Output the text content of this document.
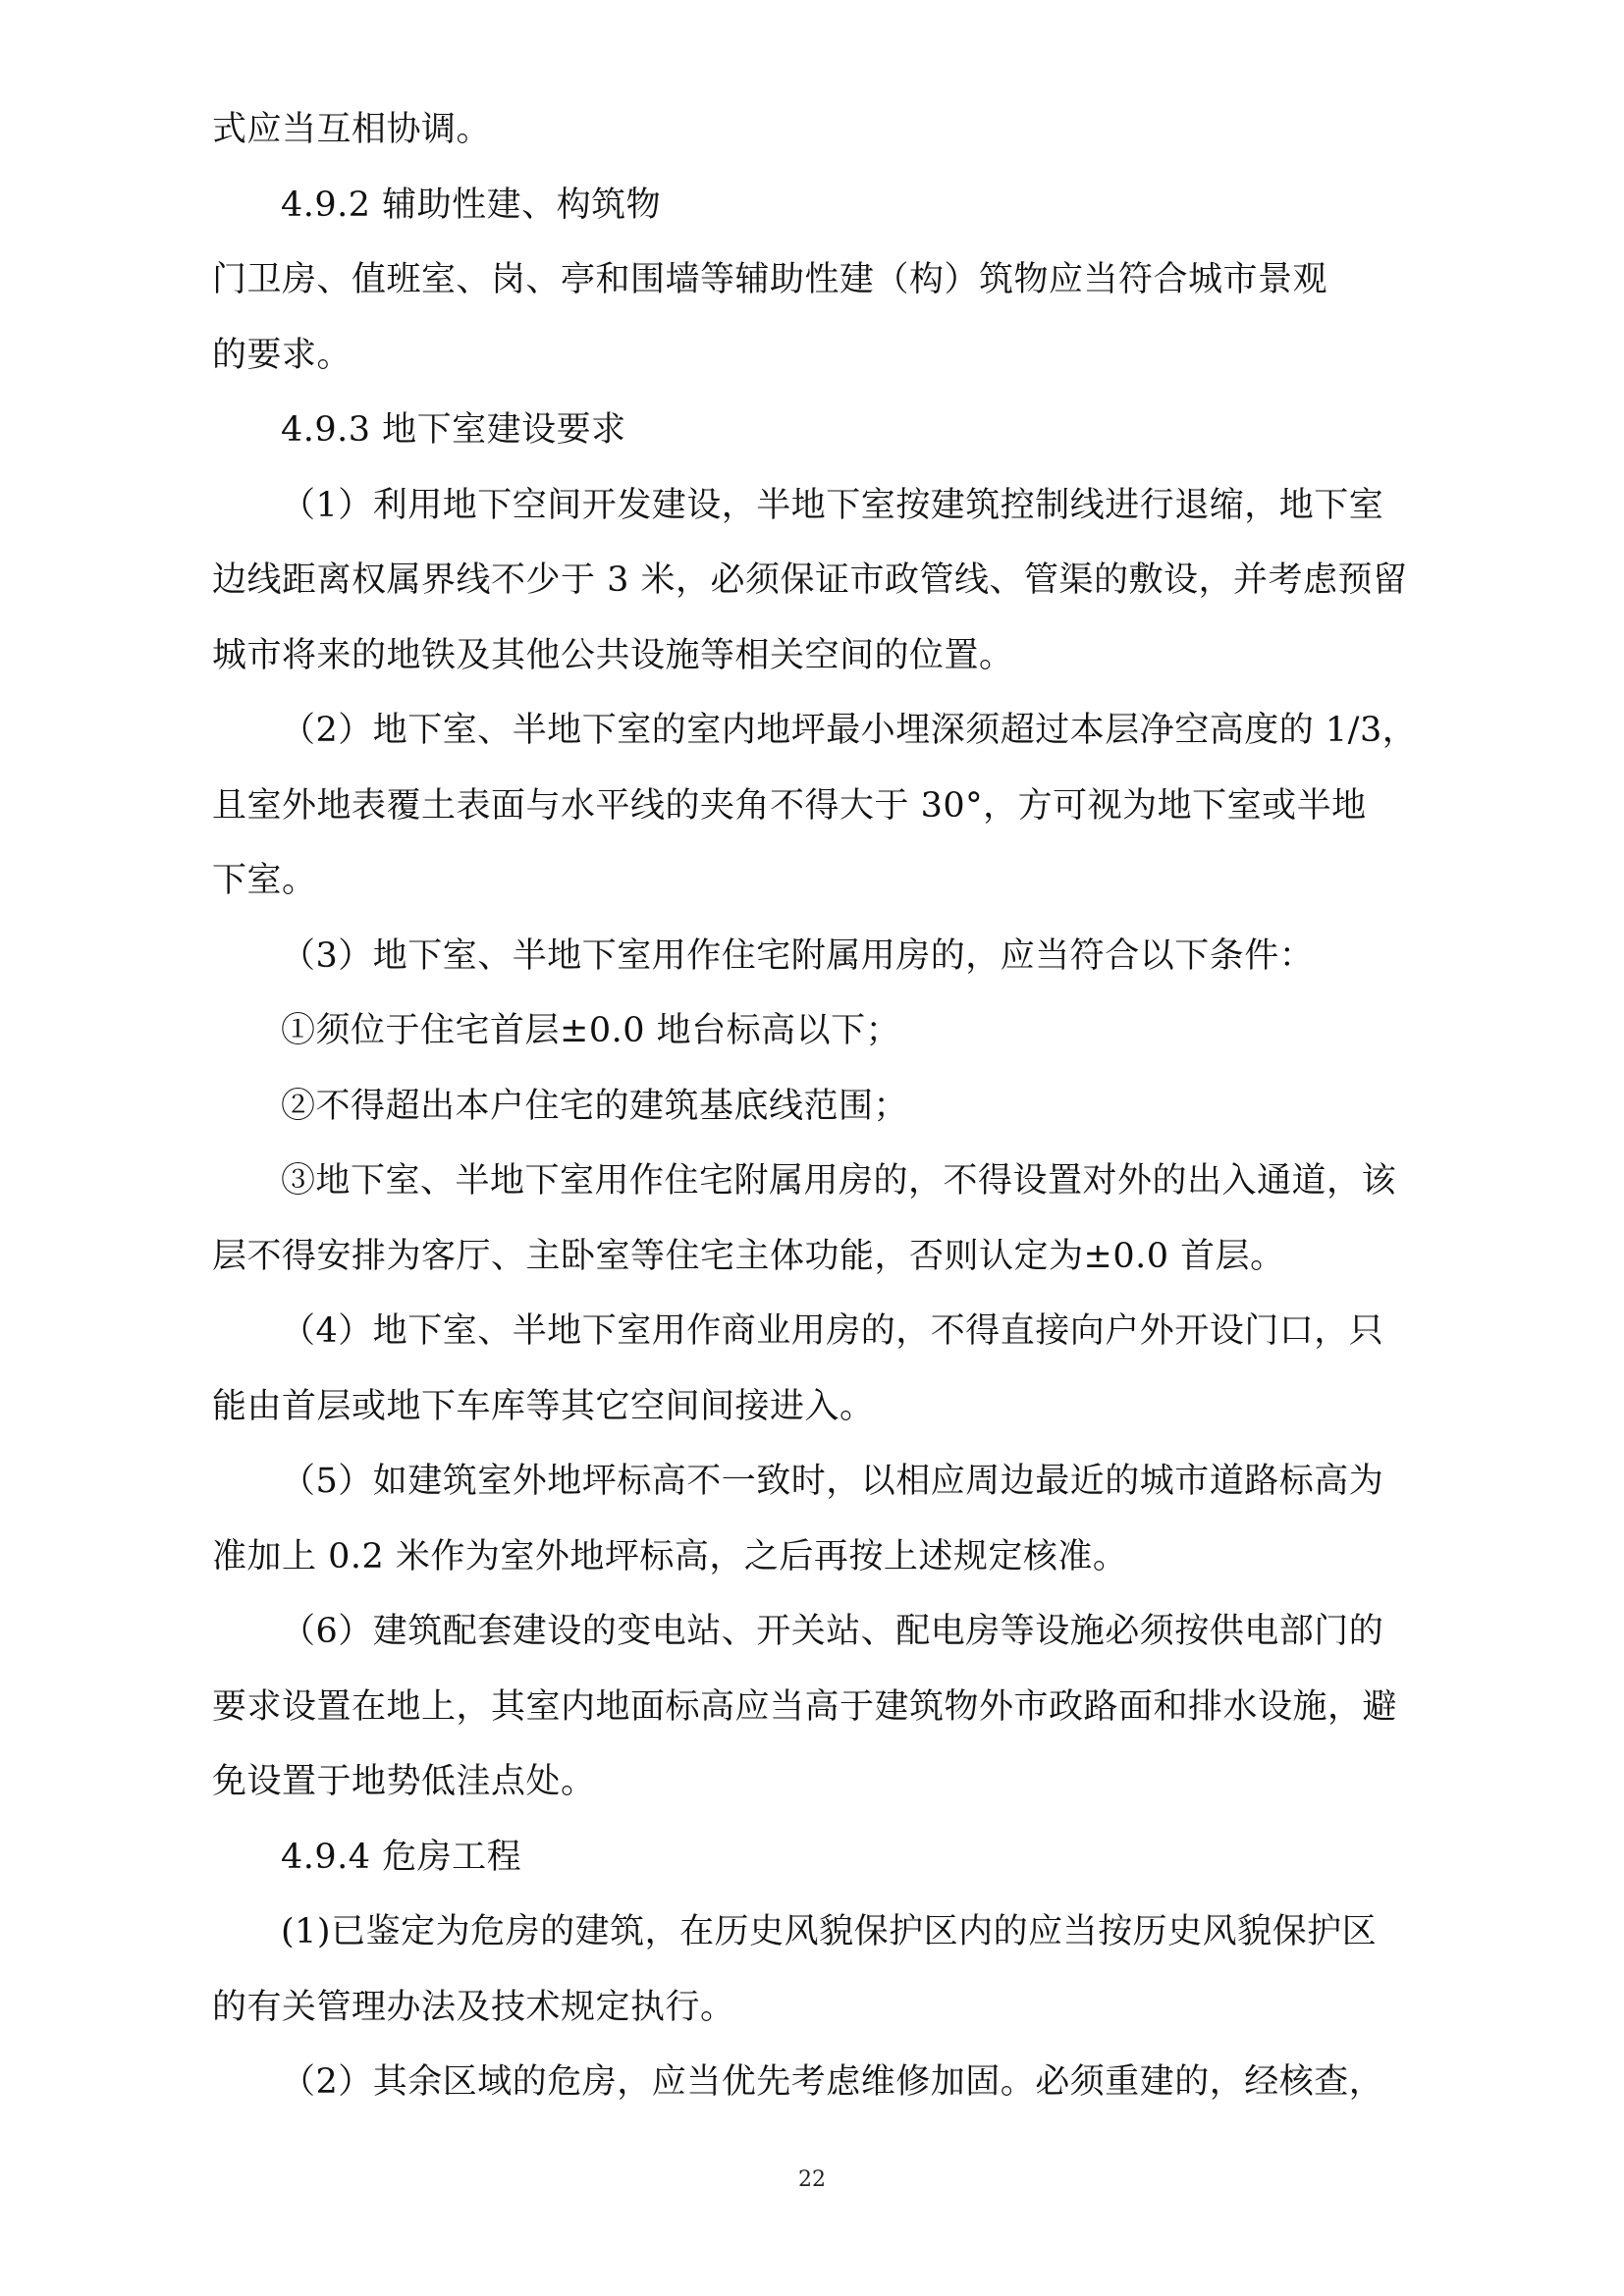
式应当互相协调。
4.9.2 辅助性建、构筑物
门卫房、值班室、岗、亭和围墙等辅助性建（构）筑物应当符合城市景观
的要求。
4.9.3 地下室建设要求
（1）利用地下空间开发建设，半地下室按建筑控制线进行退缩，地下室
边线距离权属界线不少于 3 米，必须保证市政管线、管渠的敷设，并考虑预留
城市将来的地铁及其他公共设施等相关空间的位置。
（2）地下室、半地下室的室内地坪最小埋深须超过本层净空高度的 1/3，
且室外地表覆土表面与水平线的夹角不得大于 30°，方可视为地下室或半地
下室。
（3）地下室、半地下室用作住宅附属用房的，应当符合以下条件：
①须位于住宅首层±0.0 地台标高以下；
②不得超出本户住宅的建筑基底线范围；
③地下室、半地下室用作住宅附属用房的，不得设置对外的出入通道，该
层不得安排为客厅、主卧室等住宅主体功能，否则认定为±0.0 首层。
（4）地下室、半地下室用作商业用房的，不得直接向户外开设门口，只
能由首层或地下车库等其它空间间接进入。
（5）如建筑室外地坪标高不一致时，以相应周边最近的城市道路标高为
准加上 0.2 米作为室外地坪标高，之后再按上述规定核准。
（6）建筑配套建设的变电站、开关站、配电房等设施必须按供电部门的
要求设置在地上，其室内地面标高应当高于建筑物外市政路面和排水设施，避
免设置于地势低洼点处。
4.9.4 危房工程
(1)已鉴定为危房的建筑，在历史风貌保护区内的应当按历史风貌保护区
的有关管理办法及技术规定执行。
（2）其余区域的危房，应当优先考虑维修加固。必须重建的，经核查，
22
